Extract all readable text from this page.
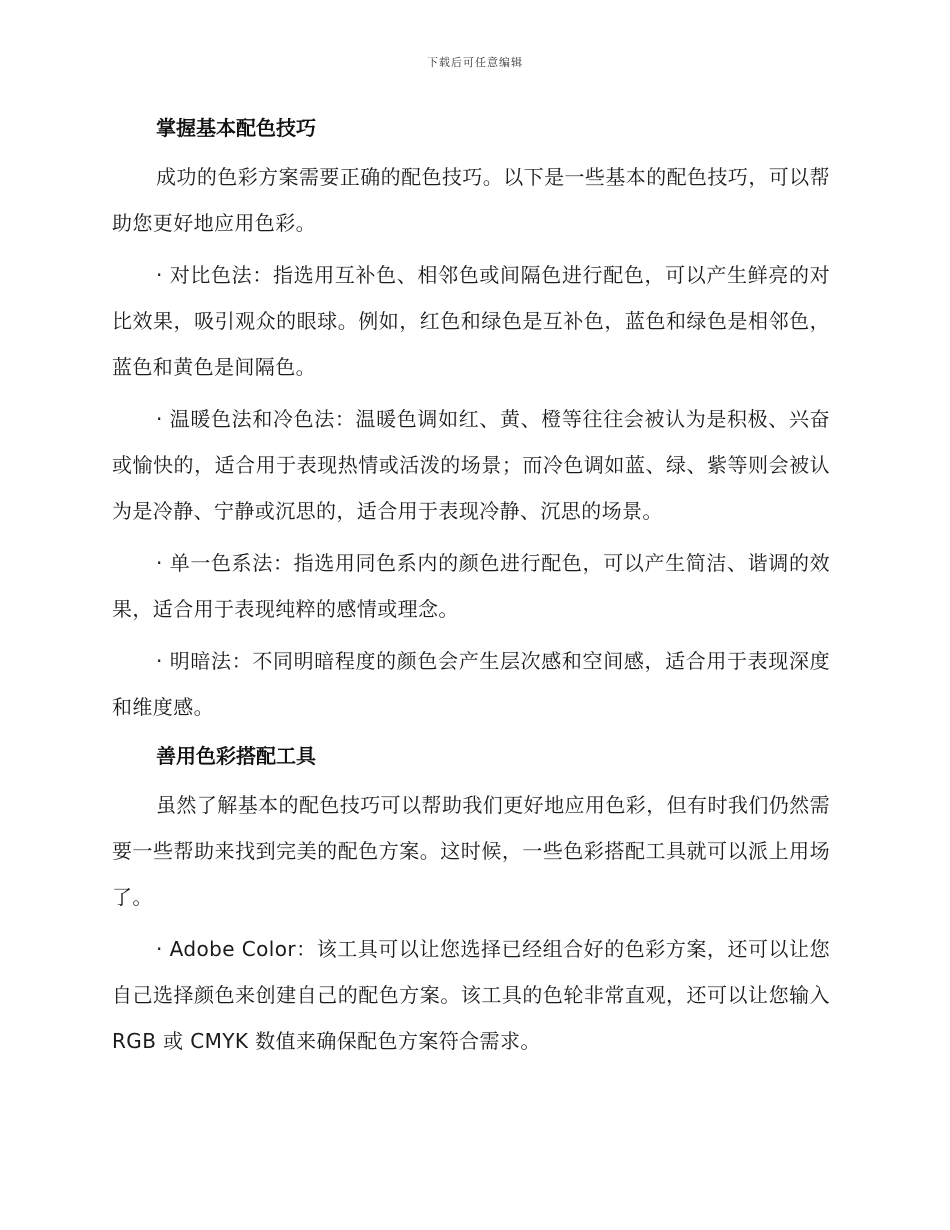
下载后可任意编辑
掌握基本配色技巧

成功的色彩方案需要正确的配色技巧。以下是一些基本的配色技巧，可以帮助您更好地应用色彩。

· 对比色法：指选用互补色、相邻色或间隔色进行配色，可以产生鲜亮的对比效果，吸引观众的眼球。例如，红色和绿色是互补色，蓝色和绿色是相邻色，蓝色和黄色是间隔色。

· 温暖色法和冷色法：温暖色调如红、黄、橙等往往会被认为是积极、兴奋或愉快的，适合用于表现热情或活泼的场景；而冷色调如蓝、绿、紫等则会被认为是冷静、宁静或沉思的，适合用于表现冷静、沉思的场景。

· 单一色系法：指选用同色系内的颜色进行配色，可以产生简洁、谐调的效果，适合用于表现纯粹的感情或理念。

· 明暗法：不同明暗程度的颜色会产生层次感和空间感，适合用于表现深度和维度感。

善用色彩搭配工具

虽然了解基本的配色技巧可以帮助我们更好地应用色彩，但有时我们仍然需要一些帮助来找到完美的配色方案。这时候，一些色彩搭配工具就可以派上用场了。

· Adobe Color：该工具可以让您选择已经组合好的色彩方案，还可以让您自己选择颜色来创建自己的配色方案。该工具的色轮非常直观，还可以让您输入 RGB 或 CMYK 数值来确保配色方案符合需求。
